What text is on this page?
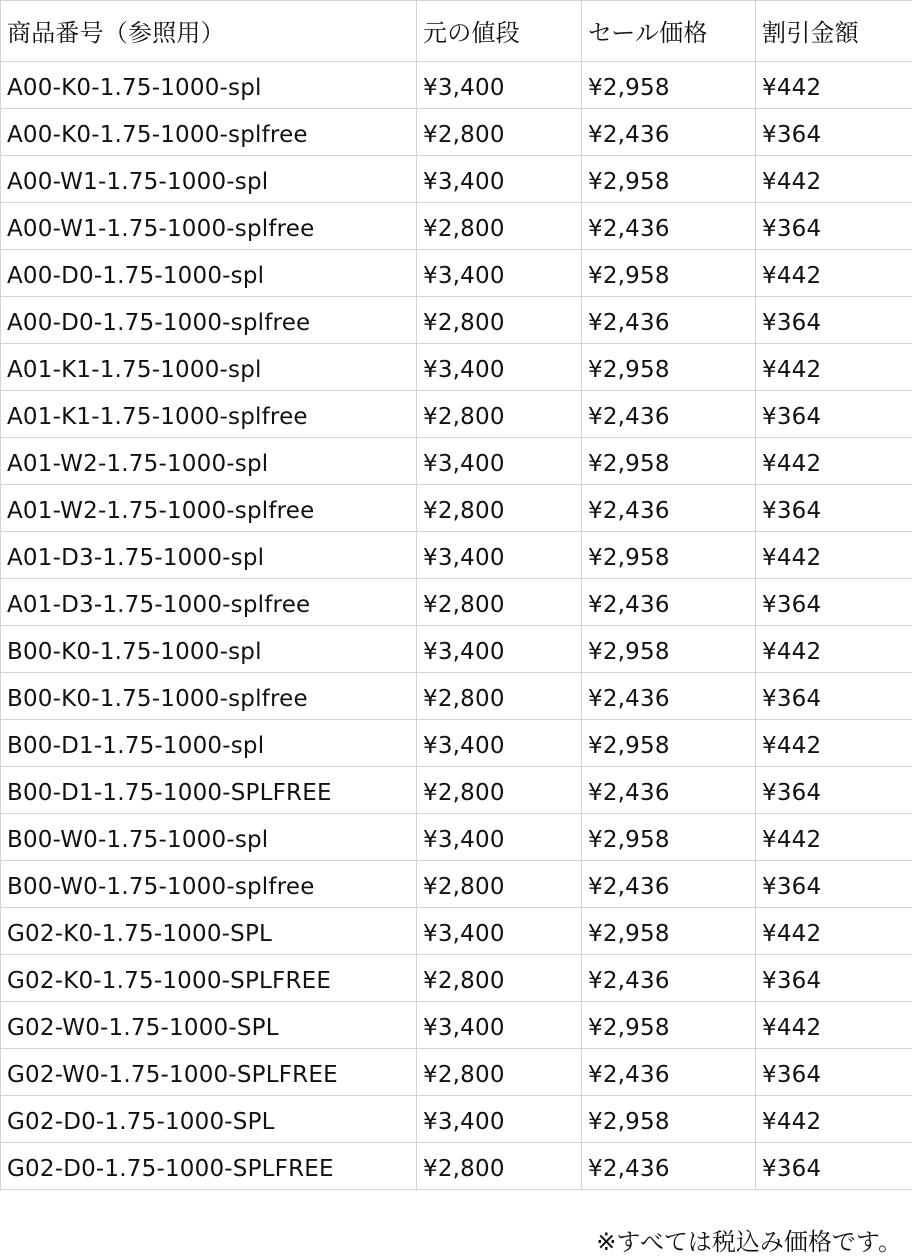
商品番号（参照用）	元の値段	セール価格	割引金額
A00-K0-1.75-1000-spl	¥3,400	¥2,958	¥442
A00-K0-1.75-1000-splfree	¥2,800	¥2,436	¥364
A00-W1-1.75-1000-spl	¥3,400	¥2,958	¥442
A00-W1-1.75-1000-splfree	¥2,800	¥2,436	¥364
A00-D0-1.75-1000-spl	¥3,400	¥2,958	¥442
A00-D0-1.75-1000-splfree	¥2,800	¥2,436	¥364
A01-K1-1.75-1000-spl	¥3,400	¥2,958	¥442
A01-K1-1.75-1000-splfree	¥2,800	¥2,436	¥364
A01-W2-1.75-1000-spl	¥3,400	¥2,958	¥442
A01-W2-1.75-1000-splfree	¥2,800	¥2,436	¥364
A01-D3-1.75-1000-spl	¥3,400	¥2,958	¥442
A01-D3-1.75-1000-splfree	¥2,800	¥2,436	¥364
B00-K0-1.75-1000-spl	¥3,400	¥2,958	¥442
B00-K0-1.75-1000-splfree	¥2,800	¥2,436	¥364
B00-D1-1.75-1000-spl	¥3,400	¥2,958	¥442
B00-D1-1.75-1000-SPLFREE	¥2,800	¥2,436	¥364
B00-W0-1.75-1000-spl	¥3,400	¥2,958	¥442
B00-W0-1.75-1000-splfree	¥2,800	¥2,436	¥364
G02-K0-1.75-1000-SPL	¥3,400	¥2,958	¥442
G02-K0-1.75-1000-SPLFREE	¥2,800	¥2,436	¥364
G02-W0-1.75-1000-SPL	¥3,400	¥2,958	¥442
G02-W0-1.75-1000-SPLFREE	¥2,800	¥2,436	¥364
G02-D0-1.75-1000-SPL	¥3,400	¥2,958	¥442
G02-D0-1.75-1000-SPLFREE	¥2,800	¥2,436	¥364
※すべては税込み価格です。
